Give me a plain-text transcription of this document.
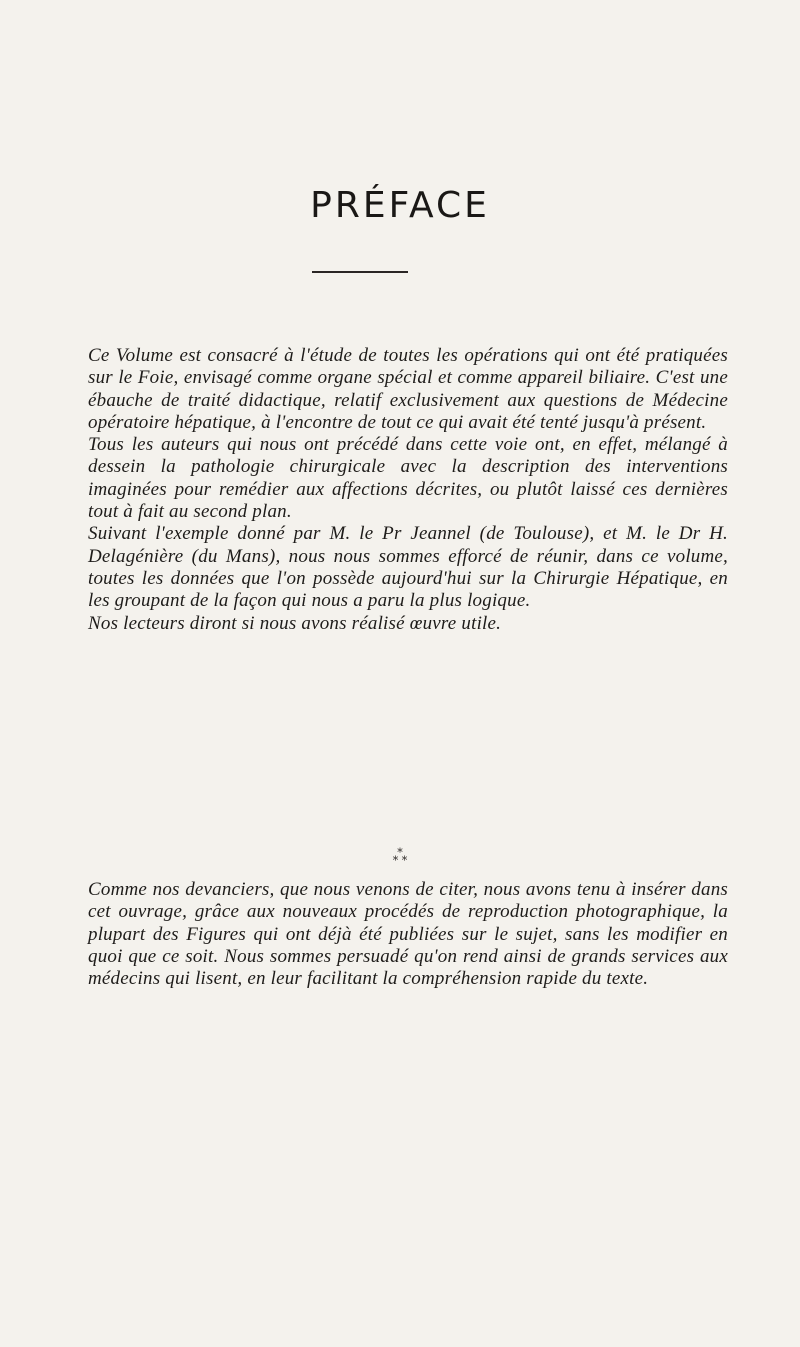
PRÉFACE

Ce Volume est consacré à l'étude de toutes les opérations qui ont été pratiquées sur le Foie, envisagé comme organe spécial et comme appareil biliaire. C'est une ébauche de traité didactique, relatif exclusivement aux questions de Médecine opératoire hépatique, à l'encontre de tout ce qui avait été tenté jusqu'à présent.

Tous les auteurs qui nous ont précédé dans cette voie ont, en effet, mélangé à dessein la pathologie chirurgicale avec la description des interventions imaginées pour remédier aux affections décrites, ou plutôt laissé ces dernières tout à fait au second plan.

Suivant l'exemple donné par M. le Pr Jeannel (de Toulouse), et M. le Dr H. Delagénière (du Mans), nous nous sommes efforcé de réunir, dans ce volume, toutes les données que l'on possède aujourd'hui sur la Chirurgie Hépatique, en les groupant de la façon qui nous a paru la plus logique.

Nos lecteurs diront si nous avons réalisé œuvre utile.

*
* *

Comme nos devanciers, que nous venons de citer, nous avons tenu à insérer dans cet ouvrage, grâce aux nouveaux procédés de reproduction photographique, la plupart des Figures qui ont déjà été publiées sur le sujet, sans les modifier en quoi que ce soit. Nous sommes persuadé qu'on rend ainsi de grands services aux médecins qui lisent, en leur facilitant la compréhension rapide du texte.
